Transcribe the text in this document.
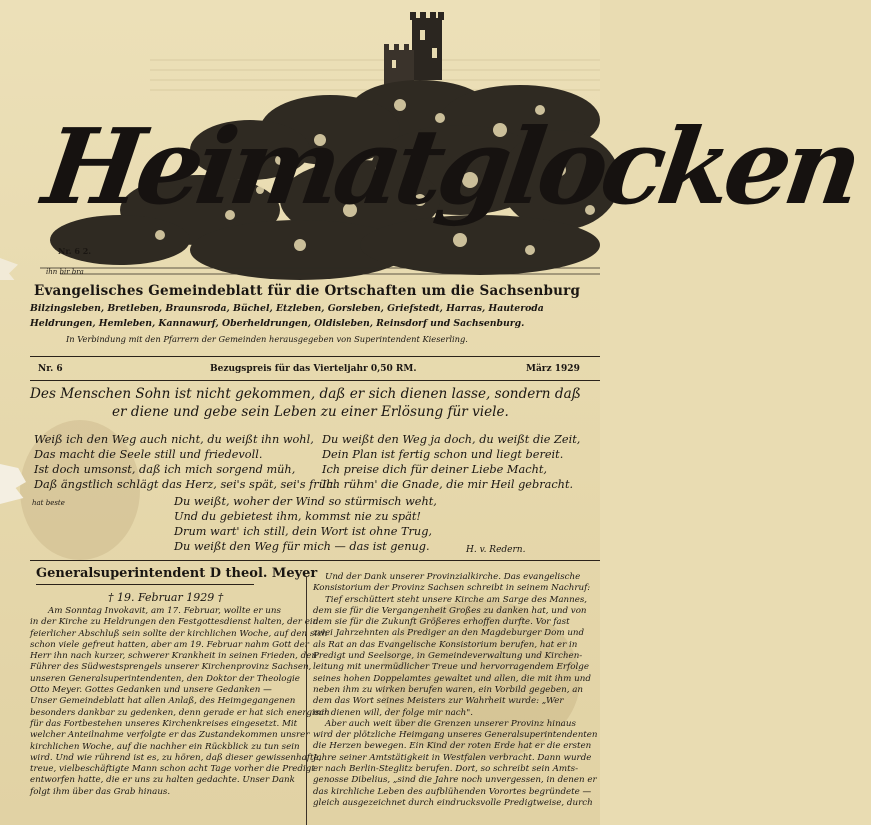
Heimatglocken
Nr. 6 2.
ihn bir bra
Evangelisches Gemeindeblatt für die Ortschaften um die Sachsenburg
Bilzingsleben, Bretleben, Braunsroda, Büchel, Etzleben, Gorsleben, Griefstedt, Harras, Hauteroda
Heldrungen, Hemleben, Kannawurf, Oberheldrungen, Oldisleben, Reinsdorf und Sachsenburg.
In Verbindung mit den Pfarrern der Gemeinden herausgegeben von Superintendent Kieserling.
Nr. 6	Bezugspreis für das Vierteljahr 0,50 RM.	März 1929
Des Menschen Sohn ist nicht gekommen, daß er sich dienen lasse, sondern daß
er diene und gebe sein Leben zu einer Erlösung für viele.
Weiß ich den Weg auch nicht, du weißt ihn wohl,
Das macht die Seele still und friedevoll.
Ist doch umsonst, daß ich mich sorgend müh,
Daß ängstlich schlägt das Herz, sei's spät, sei's früh.
Du weißt den Weg ja doch, du weißt die Zeit,
Dein Plan ist fertig schon und liegt bereit.
Ich preise dich für deiner Liebe Macht,
Ich rühm' die Gnade, die mir Heil gebracht.
Du weißt, woher der Wind so stürmisch weht,
Und du gebietest ihm, kommst nie zu spät!
Drum wart' ich still, dein Wort ist ohne Trug,
Du weißt den Weg für mich — das ist genug.	H. v. Redern.
hat beste
Generalsuperintendent D theol. Meyer
† 19. Februar 1929 †
Am Sonntag Invokavit, am 17. Februar, wollte er uns
in der Kirche zu Heldrungen den Festgottesdienst halten, der ein
feierlicher Abschluß sein sollte der kirchlichen Woche, auf den sich
schon viele gefreut hatten, aber am 19. Februar nahm Gott der
Herr ihn nach kurzer, schwerer Krankheit in seinen Frieden, den
Führer des Südwestsprengels unserer Kirchenprovinz Sachsen,
unseren Generalsuperintendenten, den Doktor der Theologie
Otto Meyer. Gottes Gedanken und unsere Gedanken —
Unser Gemeindeblatt hat allen Anlaß, des Heimgegangenen
besonders dankbar zu gedenken, denn gerade er hat sich energisch
für das Fortbestehen unseres Kirchenkreises eingesetzt. Mit
welcher Anteilnahme verfolgte er das Zustandekommen unsrer
kirchlichen Woche, auf die nachher ein Rückblick zu tun sein
wird. Und wie rührend ist es, zu hören, daß dieser gewissenhafte,
treue, vielbeschäftigte Mann schon acht Tage vorher die Predigt
entworfen hatte, die er uns zu halten gedachte. Unser Dank
folgt ihm über das Grab hinaus.
Und der Dank unserer Provinzialkirche. Das evangelische
Konsistorium der Provinz Sachsen schreibt in seinem Nachruf:
Tief erschüttert steht unsere Kirche am Sarge des Mannes,
dem sie für die Vergangenheit Großes zu danken hat, und von
dem sie für die Zukunft Größeres erhoffen durfte. Vor fast
zwei Jahrzehnten als Prediger an den Magdeburger Dom und
als Rat an das Evangelische Konsistorium berufen, hat er in
Predigt und Seelsorge, in Gemeindeverwaltung und Kirchen-
leitung mit unermüdlicher Treue und hervorragendem Erfolge
seines hohen Doppelamtes gewaltet und allen, die mit ihm und
neben ihm zu wirken berufen waren, ein Vorbild gegeben, an
dem das Wort seines Meisters zur Wahrheit wurde: „Wer
mir dienen will, der folge mir nach".
Aber auch weit über die Grenzen unserer Provinz hinaus
wird der plötzliche Heimgang unseres Generalsuperintendenten
die Herzen bewegen. Ein Kind der roten Erde hat er die ersten
Jahre seiner Amtstätigkeit in Westfalen verbracht. Dann wurde
er nach Berlin-Steglitz berufen. Dort, so schreibt sein Amts-
genosse Dibelius, „sind die Jahre noch unvergessen, in denen er
das kirchliche Leben des aufblühenden Vorortes begründete —
gleich ausgezeichnet durch eindrucksvolle Predigtweise, durch
